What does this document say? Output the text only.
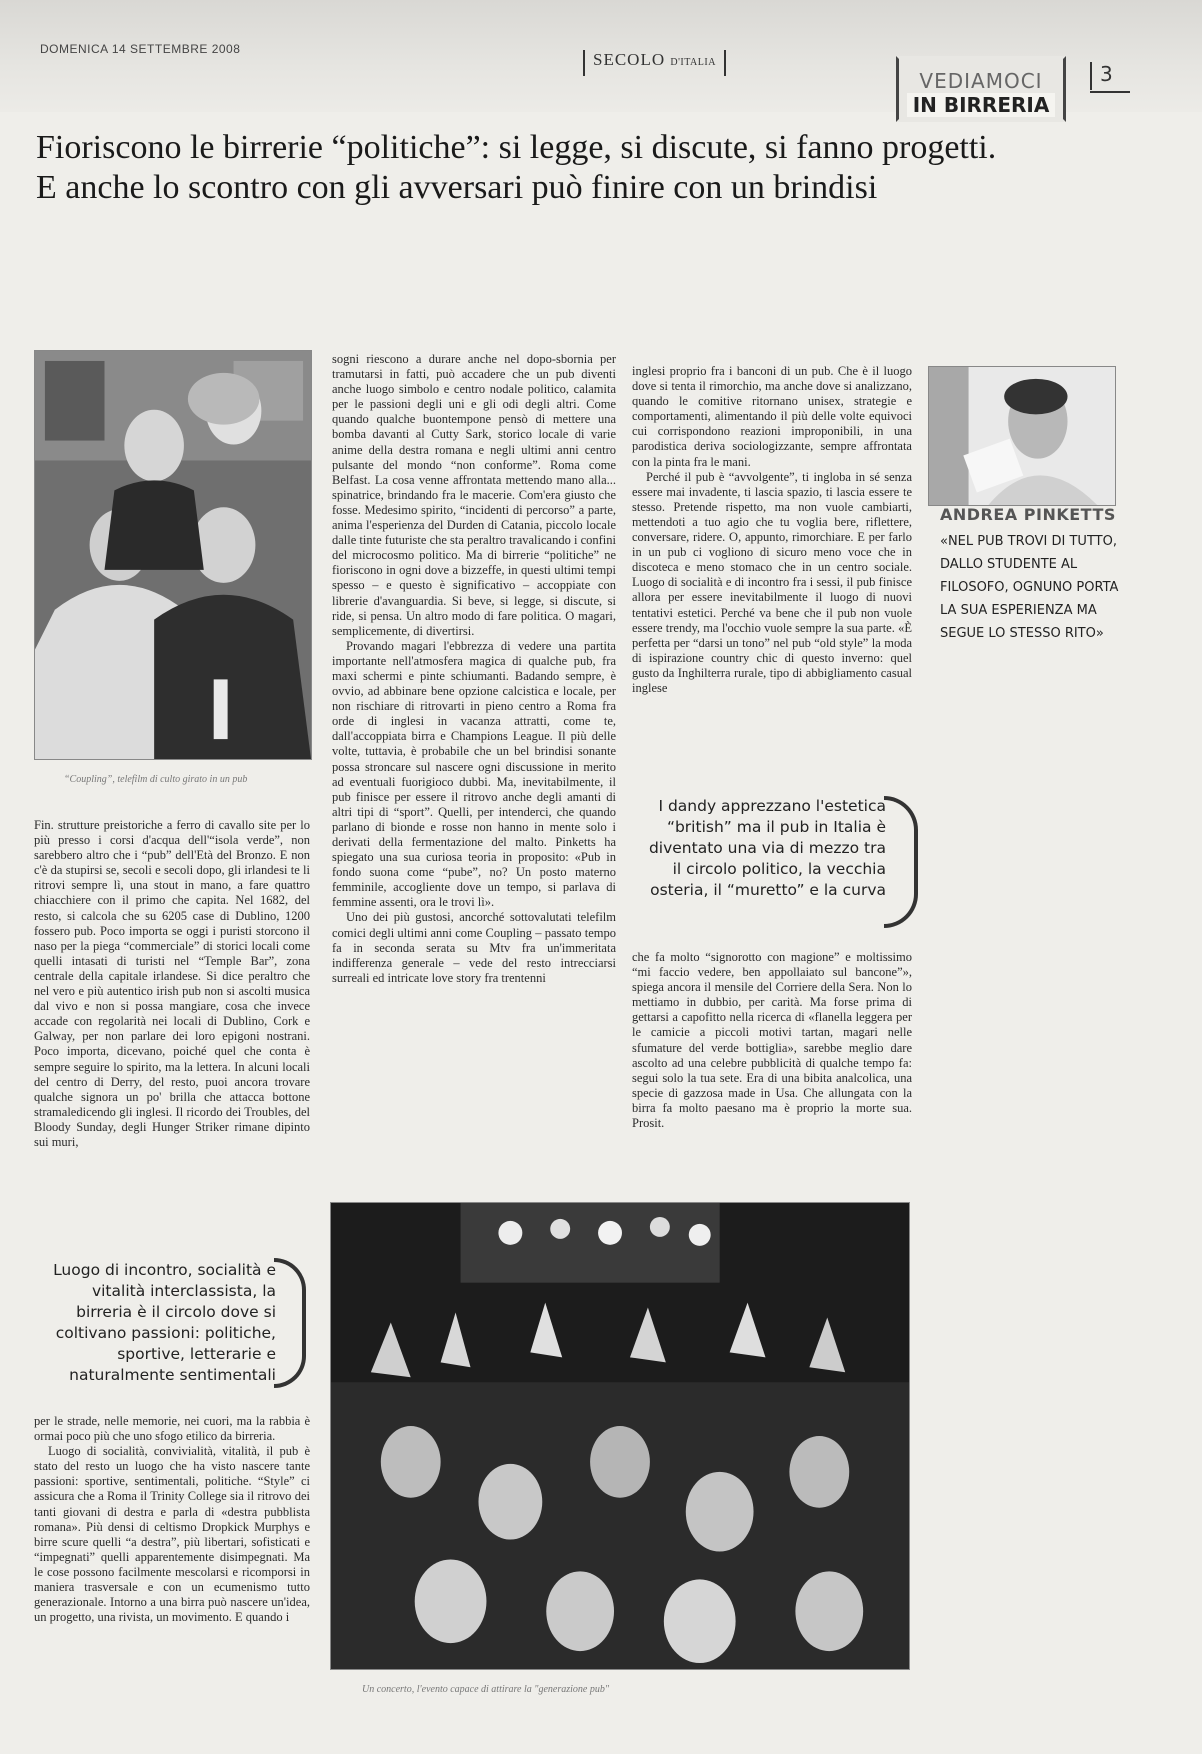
DOMENICA 14 SETTEMBRE 2008
SECOLO D'ITALIA
VEDIAMOCI
IN BIRRERIA
3
Fioriscono le birrerie “politiche”: si legge, si discute, si fanno progetti.
E anche lo scontro con gli avversari può finire con un brindisi
“Coupling”, telefilm di culto girato in un pub
ANDREA PINKETTS
«NEL PUB TROVI DI TUTTO, DALLO STUDENTE AL FILOSOFO, OGNUNO PORTA LA SUA ESPERIENZA MA SEGUE LO STESSO RITO»

Fin. strutture preistoriche a ferro di cavallo site per lo più presso i corsi d'acqua dell'“isola verde”, non sarebbero altro che i “pub” dell'Età del Bronzo. E non c'è da stupirsi se, secoli e secoli dopo, gli irlandesi te li ritrovi sempre lì, una stout in mano, a fare quattro chiacchiere con il primo che capita. Nel 1682, del resto, si calcola che su 6205 case di Dublino, 1200 fossero pub. Poco importa se oggi i puristi storcono il naso per la piega “commerciale” di storici locali come quelli intasati di turisti nel “Temple Bar”, zona centrale della capitale irlandese. Si dice peraltro che nel vero e più autentico irish pub non si ascolti musica dal vivo e non si possa mangiare, cosa che invece accade con regolarità nei locali di Dublino, Cork e Galway, per non parlare dei loro epigoni nostrani. Poco importa, dicevano, poiché quel che conta è sempre seguire lo spirito, ma la lettera. In alcuni locali del centro di Derry, del resto, puoi ancora trovare qualche signora un po' brilla che attacca bottone stramaledicendo gli inglesi. Il ricordo dei Troubles, del Bloody Sunday, degli Hunger Striker rimane dipinto sui muri,

Luogo di incontro, socialità e vitalità interclassista, la birreria è il circolo dove si coltivano passioni: politiche, sportive, letterarie e naturalmente sentimentali

per le strade, nelle memorie, nei cuori, ma la rabbia è ormai poco più che uno sfogo etilico da birreria.

Luogo di socialità, convivialità, vitalità, il pub è stato del resto un luogo che ha visto nascere tante passioni: sportive, sentimentali, politiche. “Style” ci assicura che a Roma il Trinity College sia il ritrovo dei tanti giovani di destra e parla di «destra pubblista romana». Più densi di celtismo Dropkick Murphys e birre scure quelli “a destra”, più libertari, sofisticati e “impegnati” quelli apparentemente disimpegnati. Ma le cose possono facilmente mescolarsi e ricomporsi in maniera trasversale e con un ecumenismo tutto generazionale. Intorno a una birra può nascere un'idea, un progetto, una rivista, un movimento. E quando i

sogni riescono a durare anche nel dopo-sbornia per tramutarsi in fatti, può accadere che un pub diventi anche luogo simbolo e centro nodale politico, calamita per le passioni degli uni e gli odi degli altri. Come quando qualche buontempone pensò di mettere una bomba davanti al Cutty Sark, storico locale di varie anime della destra romana e negli ultimi anni centro pulsante del mondo “non conforme”. Roma come Belfast. La cosa venne affrontata mettendo mano alla... spinatrice, brindando fra le macerie. Com'era giusto che fosse. Medesimo spirito, “incidenti di percorso” a parte, anima l'esperienza del Durden di Catania, piccolo locale dalle tinte futuriste che sta peraltro travalicando i confini del microcosmo politico. Ma di birrerie “politiche” ne fioriscono in ogni dove a bizzeffe, in questi ultimi tempi spesso – e questo è significativo – accoppiate con librerie d'avanguardia. Si beve, si legge, si discute, si ride, si pensa. Un altro modo di fare politica. O magari, semplicemente, di divertirsi.

Provando magari l'ebbrezza di vedere una partita importante nell'atmosfera magica di qualche pub, fra maxi schermi e pinte schiumanti. Badando sempre, è ovvio, ad abbinare bene opzione calcistica e locale, per non rischiare di ritrovarti in pieno centro a Roma fra orde di inglesi in vacanza attratti, come te, dall'accoppiata birra e Champions League. Il più delle volte, tuttavia, è probabile che un bel brindisi sonante possa stroncare sul nascere ogni discussione in merito ad eventuali fuorigioco dubbi. Ma, inevitabilmente, il pub finisce per essere il ritrovo anche degli amanti di altri tipi di “sport”. Quelli, per intenderci, che quando parlano di bionde e rosse non hanno in mente solo i derivati della fermentazione del malto. Pinketts ha spiegato una sua curiosa teoria in proposito: «Pub in fondo suona come “pube”, no? Un posto materno femminile, accogliente dove un tempo, si parlava di femmine assenti, ora le trovi lì».

Uno dei più gustosi, ancorché sottovalutati telefilm comici degli ultimi anni come Coupling – passato tempo fa in seconda serata su Mtv fra un'immeritata indifferenza generale – vede del resto intrecciarsi surreali ed intricate love story fra trentenni

inglesi proprio fra i banconi di un pub. Che è il luogo dove si tenta il rimorchio, ma anche dove si analizzano, quando le comitive ritornano unisex, strategie e comportamenti, alimentando il più delle volte equivoci cui corrispondono reazioni improponibili, in una parodistica deriva sociologizzante, sempre affrontata con la pinta fra le mani.

Perché il pub è “avvolgente”, ti inglobа in sé senza essere mai invadente, ti lascia spazio, ti lascia essere te stesso. Pretende rispetto, ma non vuole cambiarti, mettendoti a tuo agio che tu voglia bere, riflettere, conversare, ridere. O, appunto, rimorchiare. E per farlo in un pub ci vogliono di sicuro meno voce che in discoteca e meno stomaco che in un centro sociale. Luogo di socialità e di incontro fra i sessi, il pub finisce allora per essere inevitabilmente il luogo di nuovi tentativi estetici. Perché va bene che il pub non vuole essere trendy, ma l'occhio vuole sempre la sua parte. «È perfetta per “darsi un tono” nel pub “old style” la moda di ispirazione country chic di questo inverno: quel gusto da Inghilterra rurale, tipo di abbigliamento casual inglese

I dandy apprezzano l'estetica “british” ma il pub in Italia è diventato una via di mezzo tra il circolo politico, la vecchia osteria, il “muretto” e la curva

che fa molto “signorotto con magione” e moltissimo “mi faccio vedere, ben appollaiato sul bancone”», spiega ancora il mensile del Corriere della Sera. Non lo mettiamo in dubbio, per carità. Ma forse prima di gettarsi a capofitto nella ricerca di «flanella leggera per le camicie a piccoli motivi tartan, magari nelle sfumature del verde bottiglia», sarebbe meglio dare ascolto ad una celebre pubblicità di qualche tempo fa: segui solo la tua sete. Era di una bibita analcolica, una specie di gazzosa made in Usa. Che allungata con la birra fa molto paesano ma è proprio la morte sua. Prosit.

Un concerto, l'evento capace di attirare la "generazione pub"
